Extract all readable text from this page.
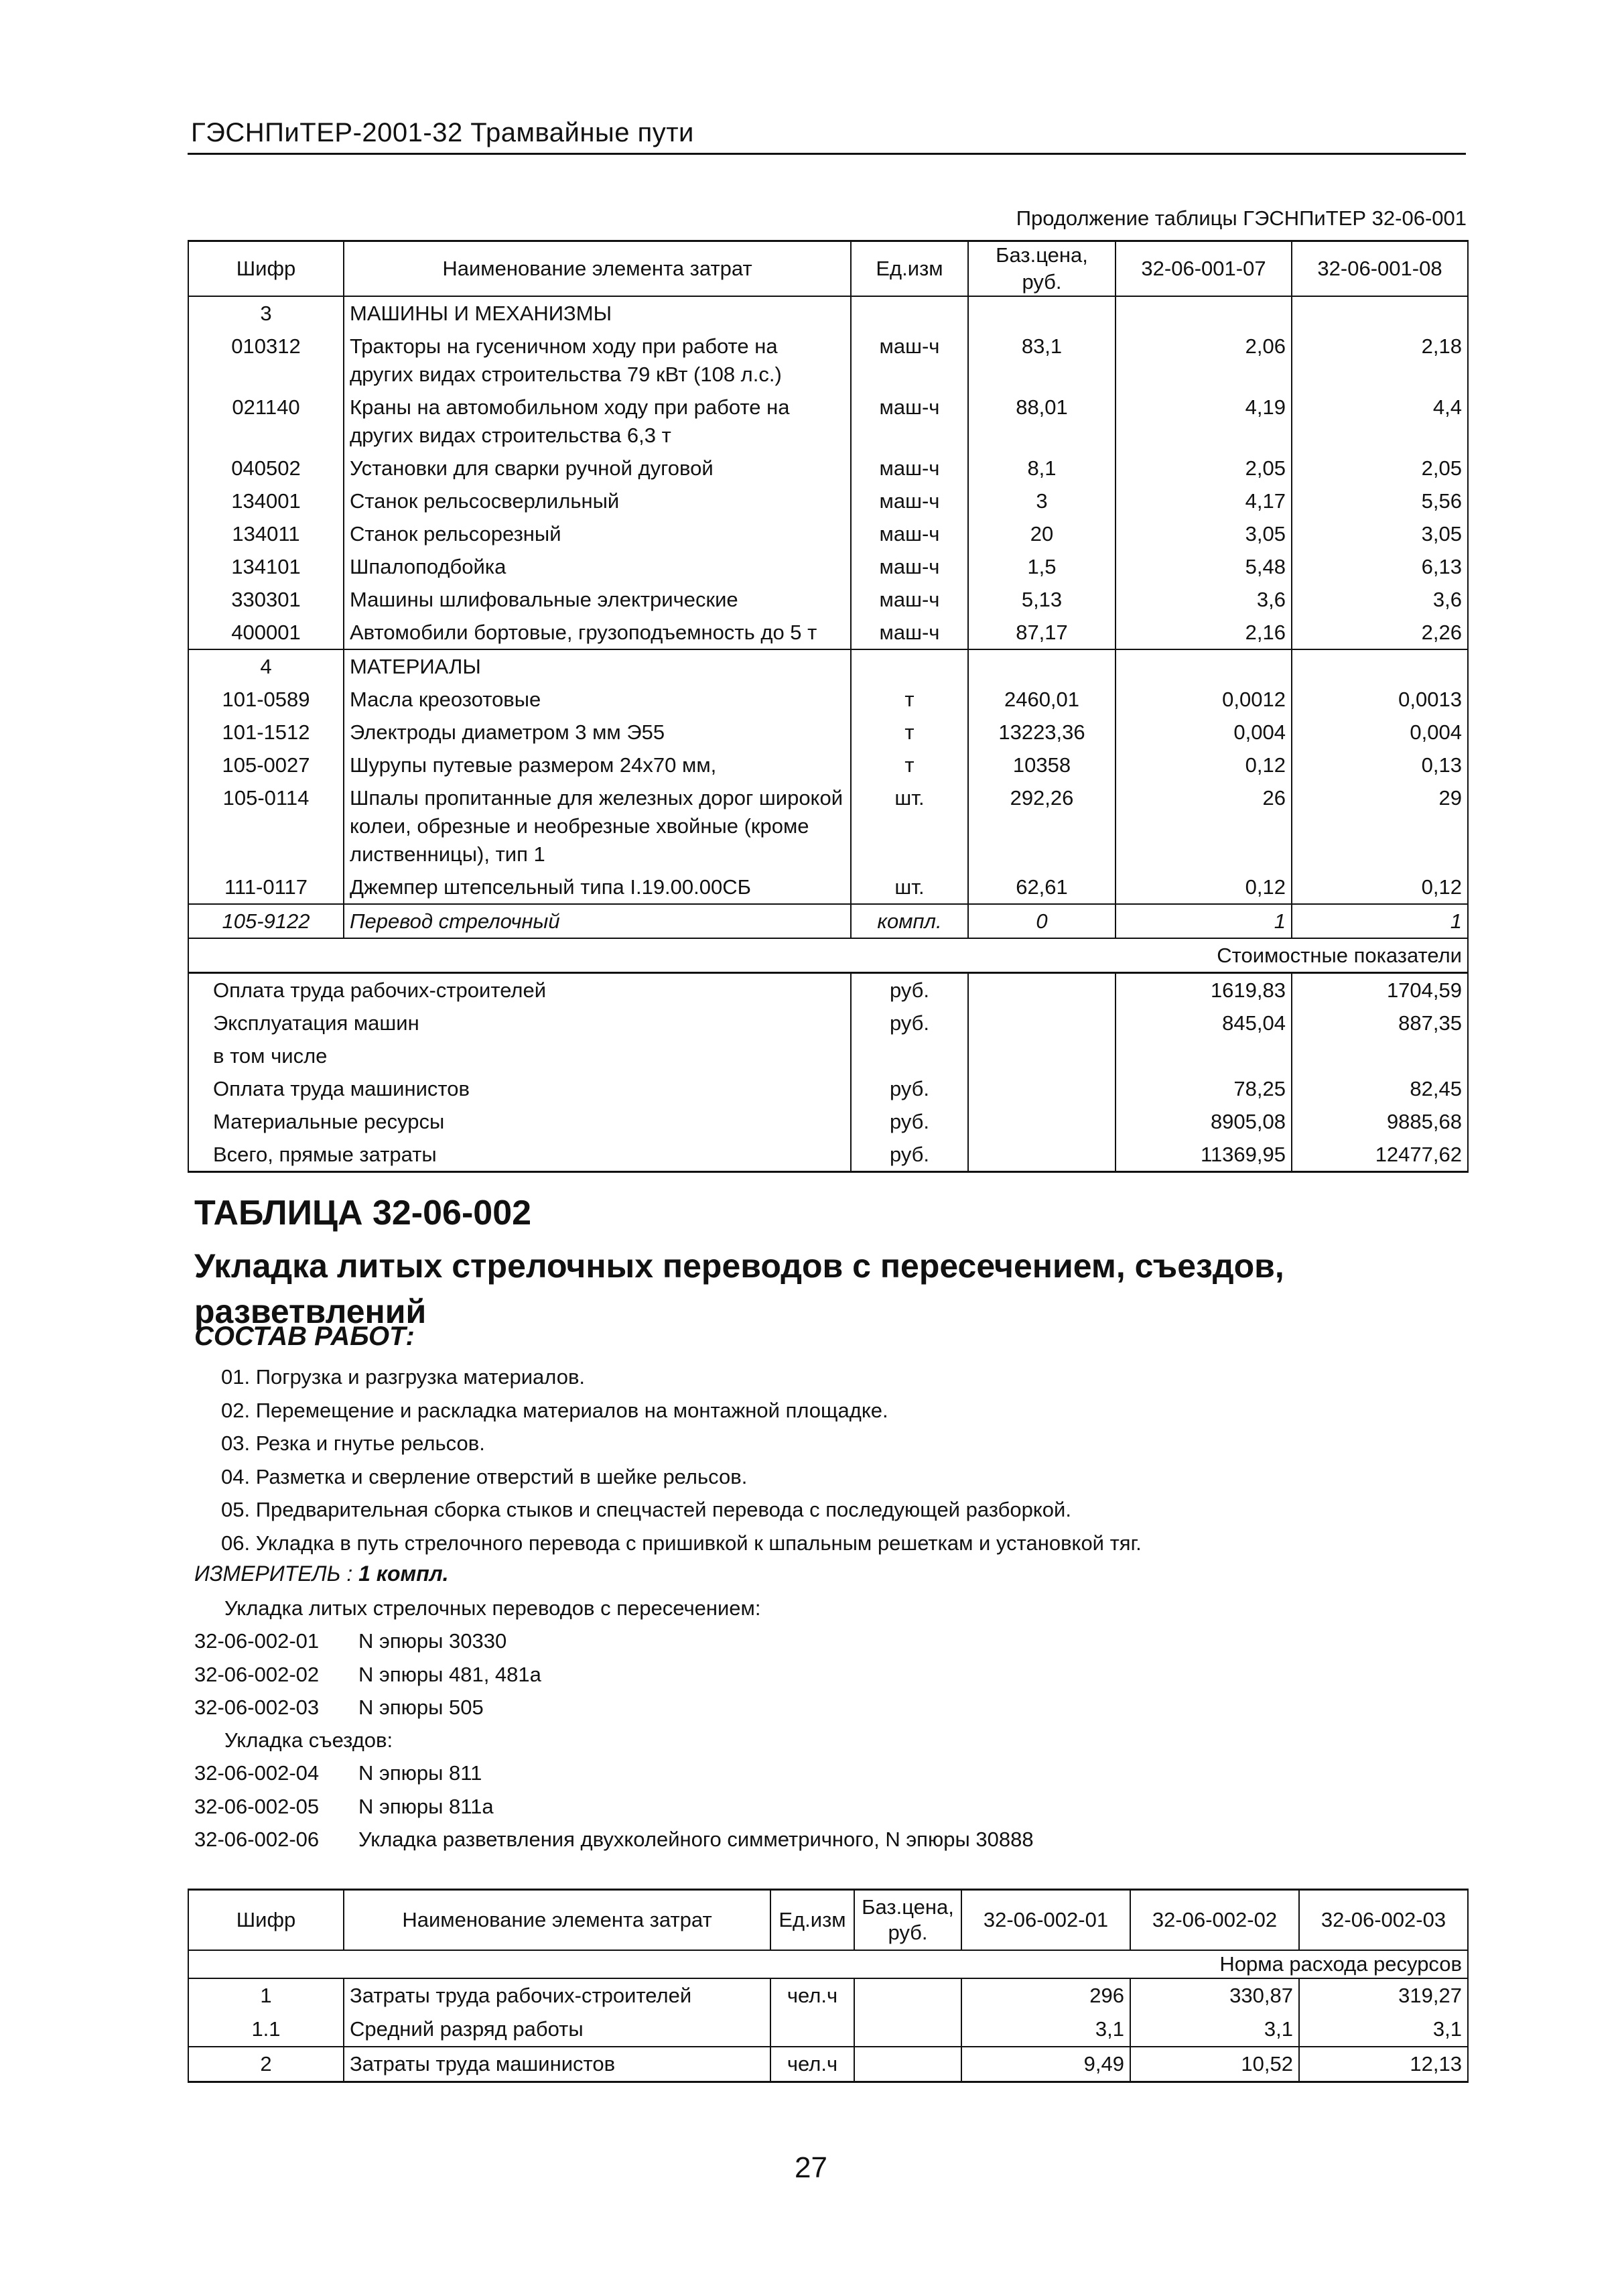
ГЭСНПиТЕР-2001-32 Трамвайные пути
Продолжение таблицы ГЭСНПиТЕР 32-06-001
Шифр	Наименование элемента затрат	Ед.изм	Баз.цена, руб.	32-06-001-07	32-06-001-08
3	МАШИНЫ И МЕХАНИЗМЫ				
010312	Тракторы на гусеничном ходу при работе на других видах строительства 79 кВт (108 л.с.)	маш-ч	83,1	2,06	2,18
021140	Краны на автомобильном ходу при работе на других видах строительства 6,3 т	маш-ч	88,01	4,19	4,4
040502	Установки для сварки ручной дуговой	маш-ч	8,1	2,05	2,05
134001	Станок рельсосверлильный	маш-ч	3	4,17	5,56
134011	Станок рельсорезный	маш-ч	20	3,05	3,05
134101	Шпалоподбойка	маш-ч	1,5	5,48	6,13
330301	Машины шлифовальные электрические	маш-ч	5,13	3,6	3,6
400001	Автомобили бортовые, грузоподъемность до 5 т	маш-ч	87,17	2,16	2,26
4	МАТЕРИАЛЫ				
101-0589	Масла креозотовые	т	2460,01	0,0012	0,0013
101-1512	Электроды диаметром 3 мм Э55	т	13223,36	0,004	0,004
105-0027	Шурупы путевые размером 24х70 мм,	т	10358	0,12	0,13
105-0114	Шпалы пропитанные для железных дорог широкой колеи, обрезные и необрезные хвойные (кроме лиственницы), тип 1	шт.	292,26	26	29
111-0117	Джемпер штепсельный типа I.19.00.00СБ	шт.	62,61	0,12	0,12
105-9122	Перевод стрелочный	компл.	0	1	1
Стоимостные показатели					
Оплата труда рабочих-строителей		руб.		1619,83	1704,59
Эксплуатация машин		руб.		845,04	887,35
в том числе					
Оплата труда машинистов		руб.		78,25	82,45
Материальные ресурсы		руб.		8905,08	9885,68
Всего, прямые затраты		руб.		11369,95	12477,62
ТАБЛИЦА 32-06-002
Укладка литых стрелочных переводов с пересечением, съездов, разветвлений
СОСТАВ РАБОТ:
01. Погрузка и разгрузка материалов.
02. Перемещение и раскладка материалов на монтажной площадке.
03. Резка и гнутье рельсов.
04. Разметка и сверление отверстий в шейке рельсов.
05. Предварительная сборка стыков и спецчастей перевода с последующей разборкой.
06. Укладка в путь стрелочного перевода с пришивкой к шпальным решеткам и установкой тяг.
ИЗМЕРИТЕЛЬ : 1 компл.
Укладка литых стрелочных переводов с пересечением:
32-06-002-01	N эпюры 30330
32-06-002-02	N эпюры 481, 481а
32-06-002-03	N эпюры 505
Укладка съездов:
32-06-002-04	N эпюры 811
32-06-002-05	N эпюры 811а
32-06-002-06	Укладка разветвления двухколейного симметричного, N эпюры 30888
Шифр	Наименование элемента затрат	Ед.изм	Баз.цена, руб.	32-06-002-01	32-06-002-02	32-06-002-03
Норма расхода ресурсов						
1	Затраты труда рабочих-строителей	чел.ч		296	330,87	319,27
1.1	Средний разряд работы			3,1	3,1	3,1
2	Затраты труда машинистов	чел.ч		9,49	10,52	12,13
27
